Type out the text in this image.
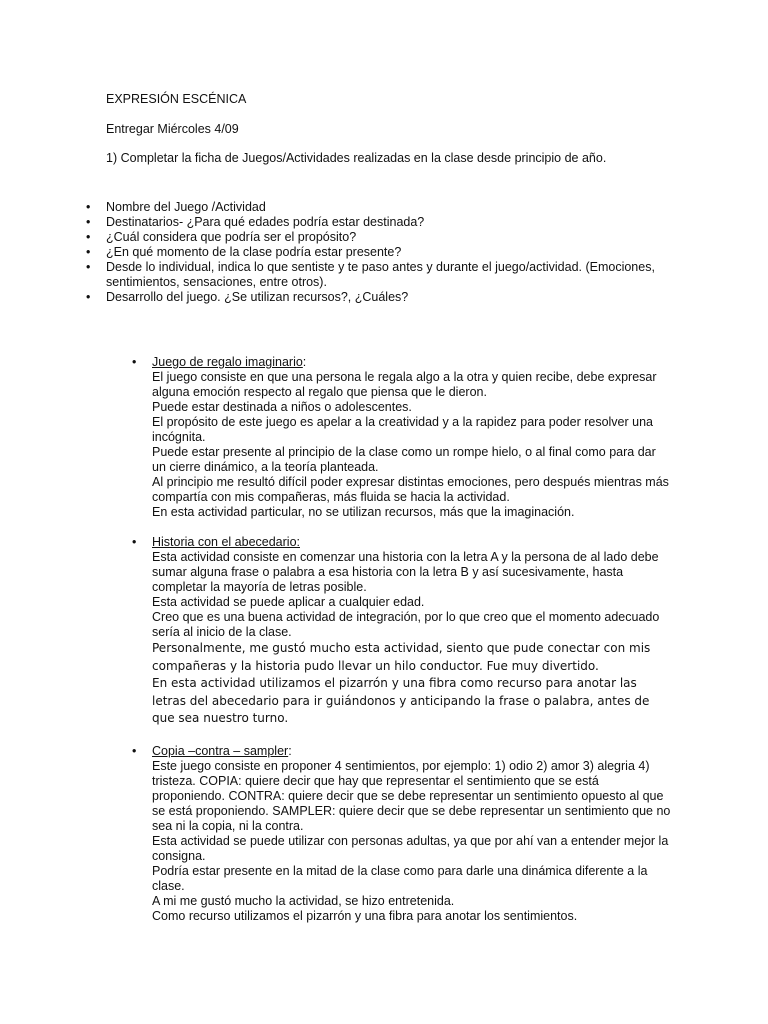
EXPRESIÓN ESCÉNICA
Entregar Miércoles 4/09
1) Completar la ficha de Juegos/Actividades realizadas en la clase desde principio de año.
• Nombre del Juego /Actividad
• Destinatarios- ¿Para qué edades podría estar destinada?
• ¿Cuál considera que podría ser el propósito?
• ¿En qué momento de la clase podría estar presente?
• Desde lo individual, indica lo que sentiste y te paso antes y durante el juego/actividad. (Emociones, sentimientos, sensaciones, entre otros).
• Desarrollo del juego. ¿Se utilizan recursos?, ¿Cuáles?
• Juego de regalo imaginario:
El juego consiste en que una persona le regala algo a la otra y quien recibe, debe expresar alguna emoción respecto al regalo que piensa que le dieron.
Puede estar destinada a niños o adolescentes.
El propósito de este juego es apelar a la creatividad y a la rapidez para poder resolver una incógnita.
Puede estar presente al principio de la clase como un rompe hielo, o al final como para dar un cierre dinámico, a la teoría planteada.
Al principio me resultó difícil poder expresar distintas emociones, pero después mientras más compartía con mis compañeras, más fluida se hacia la actividad.
En esta actividad particular, no se utilizan recursos, más que la imaginación.
• Historia con el abecedario:
Esta actividad consiste en comenzar una historia con la letra A y la persona de al lado debe sumar alguna frase o palabra a esa historia con la letra B y así sucesivamente, hasta completar la mayoría de letras posible.
Esta actividad se puede aplicar a cualquier edad.
Creo que es una buena actividad de integración, por lo que creo que el momento adecuado sería al inicio de la clase.
Personalmente, me gustó mucho esta actividad, siento que pude conectar con mis compañeras y la historia pudo llevar un hilo conductor. Fue muy divertido.
En esta actividad utilizamos el pizarrón y una fibra como recurso para anotar las letras del abecedario para ir guiándonos y anticipando la frase o palabra, antes de que sea nuestro turno.
• Copia –contra – sampler:
Este juego consiste en proponer 4 sentimientos, por ejemplo: 1) odio 2) amor 3) alegria 4) tristeza. COPIA: quiere decir que hay que representar el sentimiento que se está proponiendo. CONTRA: quiere decir que se debe representar un sentimiento opuesto al que se está proponiendo. SAMPLER: quiere decir que se debe representar un sentimiento que no sea ni la copia, ni la contra.
Esta actividad se puede utilizar con personas adultas, ya que por ahí van a entender mejor la consigna.
Podría estar presente en la mitad de la clase como para darle una dinámica diferente a la clase.
A mi me gustó mucho la actividad, se hizo entretenida.
Como recurso utilizamos el pizarrón y una fibra para anotar los sentimientos.
